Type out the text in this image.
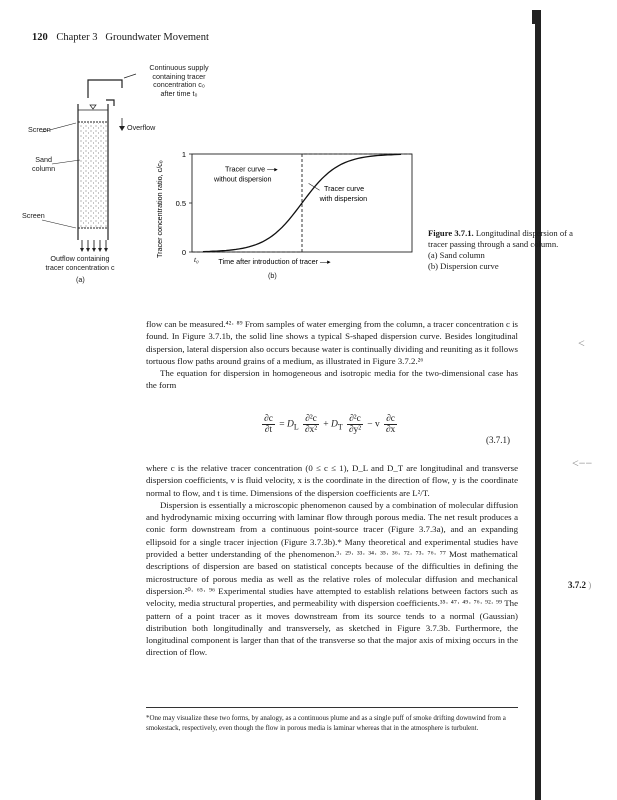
120 Chapter 3 Groundwater Movement
Continuous supply
containing tracer
concentration c₀
after time t₀
Overflow
Screen
Sand
column
Screen
Outflow containing
tracer concentration c
(a)
1
0.5
0
t₀
Tracer concentration ratio, c/c₀
Time after introduction of tracer —▸
Tracer curve —▸
without dispersion
Tracer curve
with dispersion
(b)
Figure 3.7.1. Longitudinal dispersion of a tracer passing through a sand column.
(a) Sand column
(b) Dispersion curve

flow can be measured.⁴²· ⁸⁹ From samples of water emerging from the column, a tracer concentration c is found. In Figure 3.7.1b, the solid line shows a typical S-shaped dispersion curve. Besides longitudinal dispersion, lateral dispersion also occurs because water is continually dividing and reuniting as it follows tortuous flow paths around grains of a medium, as illustrated in Figure 3.7.2.²⁶

The equation for dispersion in homogeneous and isotropic media for the two-dimensional case has the form

$\frac{\partial c}{\partial t} = D_L \frac{\text{∂²c}}{\text{∂x²}} + D_T \frac{\text{∂²c}}{\text{∂y²}} - v \frac{\partial c}{\partial x}$
(3.7.1)

where c is the relative tracer concentration (0 ≤ c ≤ 1), D_L and D_T are longitudinal and transverse dispersion coefficients, v is fluid velocity, x is the coordinate in the direction of flow, y is the coordinate normal to flow, and t is time. Dimensions of the dispersion coefficients are L²/T.

Dispersion is essentially a microscopic phenomenon caused by a combination of molecular diffusion and hydrodynamic mixing occurring with laminar flow through porous media. The net result produces a conic form downstream from a continuous point-source tracer (Figure 3.7.3a), and an expanding ellipsoid for a single tracer injection (Figure 3.7.3b).* Many theoretical and experimental studies have provided a better understanding of the phenomenon.³· ²⁹· ³³· ³⁴· ³⁵· ³⁶· ⁷²· ⁷³· ⁷⁶· ⁷⁷ Most mathematical descriptions of dispersion are based on statistical concepts because of the difficulties in defining the microstructure of porous media as well as the relative roles of molecular diffusion and mechanical dispersion.²⁰· ⁶⁵· ⁹⁶ Experimental studies have attempted to establish relations between factors such as velocity, media structural properties, and permeability with dispersion coefficients.³⁵· ⁴⁷· ⁴⁹· ⁷⁶· ⁹²· ⁹⁹ The pattern of a point tracer as it moves downstream from its source tends to a normal (Gaussian) distribution both longitudinally and transversely, as sketched in Figure 3.7.3b. Furthermore, the longitudinal component is larger than that of the transverse so that the major axis of mixing occurs in the direction of flow.

*One may visualize these two forms, by analogy, as a continuous plume and as a single puff of smoke drifting downwind from a smokestack, respectively, even though the flow in porous media is laminar whereas that in the atmosphere is turbulent.
3.7.2 )
<
<−−
